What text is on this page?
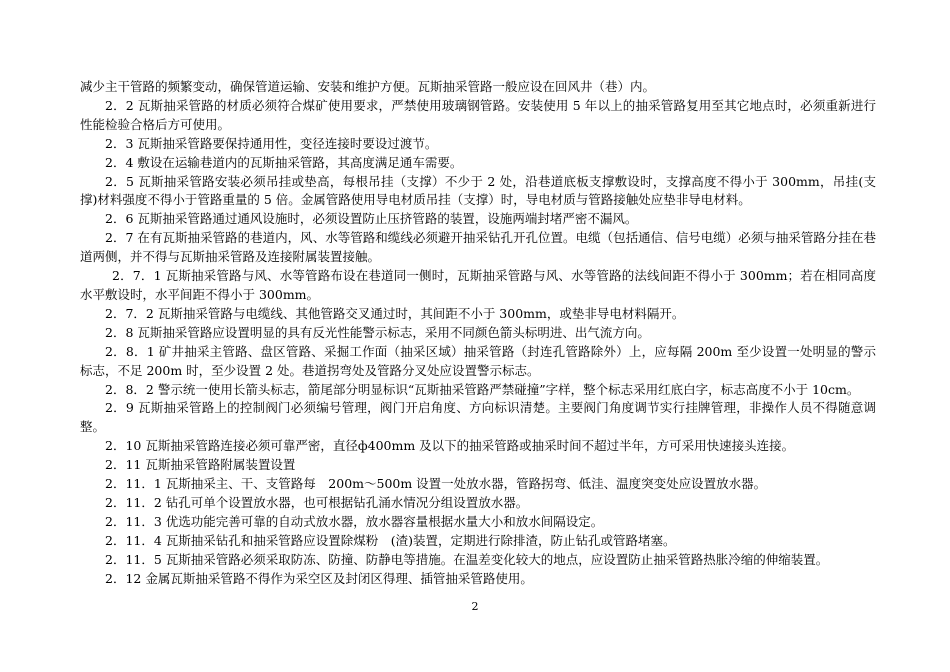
减少主干管路的频繁变动，确保管道运输、安装和维护方便。瓦斯抽采管路一般应设在回风井（巷）内。

2．2 瓦斯抽采管路的材质必须符合煤矿使用要求，严禁使用玻璃钢管路。安装使用 5 年以上的抽采管路复用至其它地点时，必须重新进行性能检验合格后方可使用。

2．3 瓦斯抽采管路要保持通用性，变径连接时要设过渡节。

2．4 敷设在运输巷道内的瓦斯抽采管路，其高度满足通车需要。

2．5 瓦斯抽采管路安装必须吊挂或垫高，每根吊挂（支撑）不少于 2 处，沿巷道底板支撑敷设时，支撑高度不得小于 300mm，吊挂(支撑)材料强度不得小于管路重量的 5 倍。金属管路使用导电材质吊挂（支撑）时，导电材质与管路接触处应垫非导电材料。

2．6 瓦斯抽采管路通过通风设施时，必须设置防止压挤管路的装置，设施两端封堵严密不漏风。

2．7 在有瓦斯抽采管路的巷道内，风、水等管路和缆线必须避开抽采钻孔开孔位置。电缆（包括通信、信号电缆）必须与抽采管路分挂在巷道两侧，并不得与瓦斯抽采管路及连接附属装置接触。

2．7．1 瓦斯抽采管路与风、水等管路布设在巷道同一侧时，瓦斯抽采管路与风、水等管路的法线间距不得小于 300mm；若在相同高度水平敷设时，水平间距不得小于 300mm。

2．7．2 瓦斯抽采管路与电缆线、其他管路交叉通过时，其间距不小于 300mm，或垫非导电材料隔开。

2．8 瓦斯抽采管路应设置明显的具有反光性能警示标志，采用不同颜色箭头标明进、出气流方向。

2．8．1 矿井抽采主管路、盘区管路、采掘工作面（抽采区域）抽采管路（封连孔管路除外）上，应每隔 200m 至少设置一处明显的警示标志，不足 200m 时，至少设置 2 处。巷道拐弯处及管路分叉处应设置警示标志。

2．8．2 警示统一使用长箭头标志，箭尾部分明显标识“瓦斯抽采管路严禁碰撞”字样，整个标志采用红底白字，标志高度不小于 10cm。

2．9 瓦斯抽采管路上的控制阀门必须编号管理，阀门开启角度、方向标识清楚。主要阀门角度调节实行挂牌管理，非操作人员不得随意调整。

2．10 瓦斯抽采管路连接必须可靠严密，直径ф400mm 及以下的抽采管路或抽采时间不超过半年，方可采用快速接头连接。

2．11 瓦斯抽采管路附属装置设置

2．11．1 瓦斯抽采主、干、支管路每　200m～500m 设置一处放水器，管路拐弯、低洼、温度突变处应设置放水器。

2．11．2 钻孔可单个设置放水器，也可根据钻孔涌水情况分组设置放水器。

2．11．3 优选功能完善可靠的自动式放水器，放水器容量根据水量大小和放水间隔设定。

2．11．4 瓦斯抽采钻孔和抽采管路应设置除煤粉　(渣)装置，定期进行除排渣，防止钻孔或管路堵塞。

2．11．5 瓦斯抽采管路必须采取防冻、防撞、防静电等措施。在温差变化较大的地点，应设置防止抽采管路热胀冷缩的伸缩装置。

2．12 金属瓦斯抽采管路不得作为采空区及封闭区得理、插管抽采管路使用。

2
